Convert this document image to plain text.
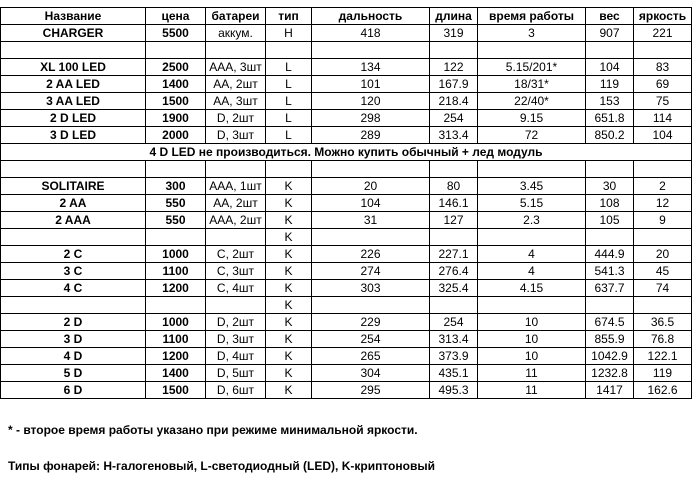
Название	цена	батареи	тип	дальность	длина	время работы	вес	яркость
CHARGER	5500	аккум.	H	418	319	3	907	221

XL 100 LED	2500	AAA, 3шт	L	134	122	5.15/201*	104	83
2 AA LED	1400	AA, 2шт	L	101	167.9	18/31*	119	69
3 AA LED	1500	AA, 3шт	L	120	218.4	22/40*	153	75
2 D LED	1900	D, 2шт	L	298	254	9.15	651.8	114
3 D LED	2000	D, 3шт	L	289	313.4	72	850.2	104
4 D LED не производиться. Можно купить обычный + лед модуль								

SOLITAIRE	300	AAA, 1шт	K	20	80	3.45	30	2
2 AA	550	AA, 2шт	K	104	146.1	5.15	108	12
2 AAA	550	AAA, 2шт	K	31	127	2.3	105	9
			K					
2 C	1000	C, 2шт	K	226	227.1	4	444.9	20
3 C	1100	C, 3шт	K	274	276.4	4	541.3	45
4 C	1200	C, 4шт	K	303	325.4	4.15	637.7	74
			K					
2 D	1000	D, 2шт	K	229	254	10	674.5	36.5
3 D	1100	D, 3шт	K	254	313.4	10	855.9	76.8
4 D	1200	D, 4шт	K	265	373.9	10	1042.9	122.1
5 D	1400	D, 5шт	K	304	435.1	11	1232.8	119
6 D	1500	D, 6шт	K	295	495.3	11	1417	162.6
* - второе время работы указано при режиме минимальной яркости.
Типы фонарей: H-галогеновый, L-светодиодный (LED), K-криптоновый
